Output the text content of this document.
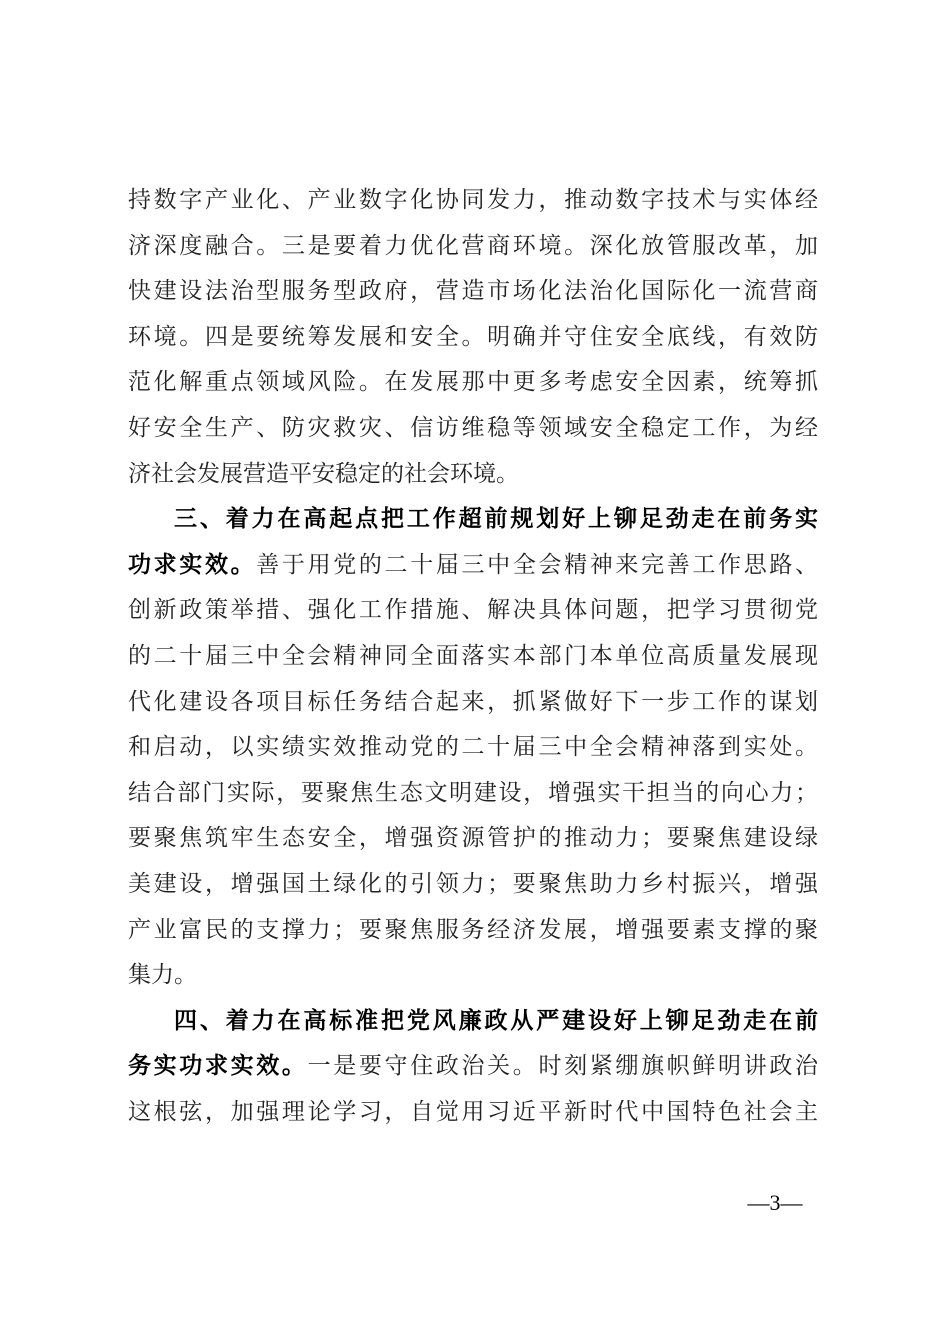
持数字产业化、产业数字化协同发力，推动数字技术与实体经
济深度融合。三是要着力优化营商环境。深化放管服改革，加
快建设法治型服务型政府，营造市场化法治化国际化一流营商
环境。四是要统筹发展和安全。明确并守住安全底线，有效防
范化解重点领域风险。在发展那中更多考虑安全因素，统筹抓
好安全生产、防灾救灾、信访维稳等领域安全稳定工作，为经
济社会发展营造平安稳定的社会环境。
三、着力在高起点把工作超前规划好上铆足劲走在前务实
功求实效。善于用党的二十届三中全会精神来完善工作思路、
创新政策举措、强化工作措施、解决具体问题，把学习贯彻党
的二十届三中全会精神同全面落实本部门本单位高质量发展现
代化建设各项目标任务结合起来，抓紧做好下一步工作的谋划
和启动，以实绩实效推动党的二十届三中全会精神落到实处。
结合部门实际，要聚焦生态文明建设，增强实干担当的向心力；
要聚焦筑牢生态安全，增强资源管护的推动力；要聚焦建设绿
美建设，增强国土绿化的引领力；要聚焦助力乡村振兴，增强
产业富民的支撑力；要聚焦服务经济发展，增强要素支撑的聚
集力。
四、着力在高标准把党风廉政从严建设好上铆足劲走在前
务实功求实效。一是要守住政治关。时刻紧绷旗帜鲜明讲政治
这根弦，加强理论学习，自觉用习近平新时代中国特色社会主
—3—
